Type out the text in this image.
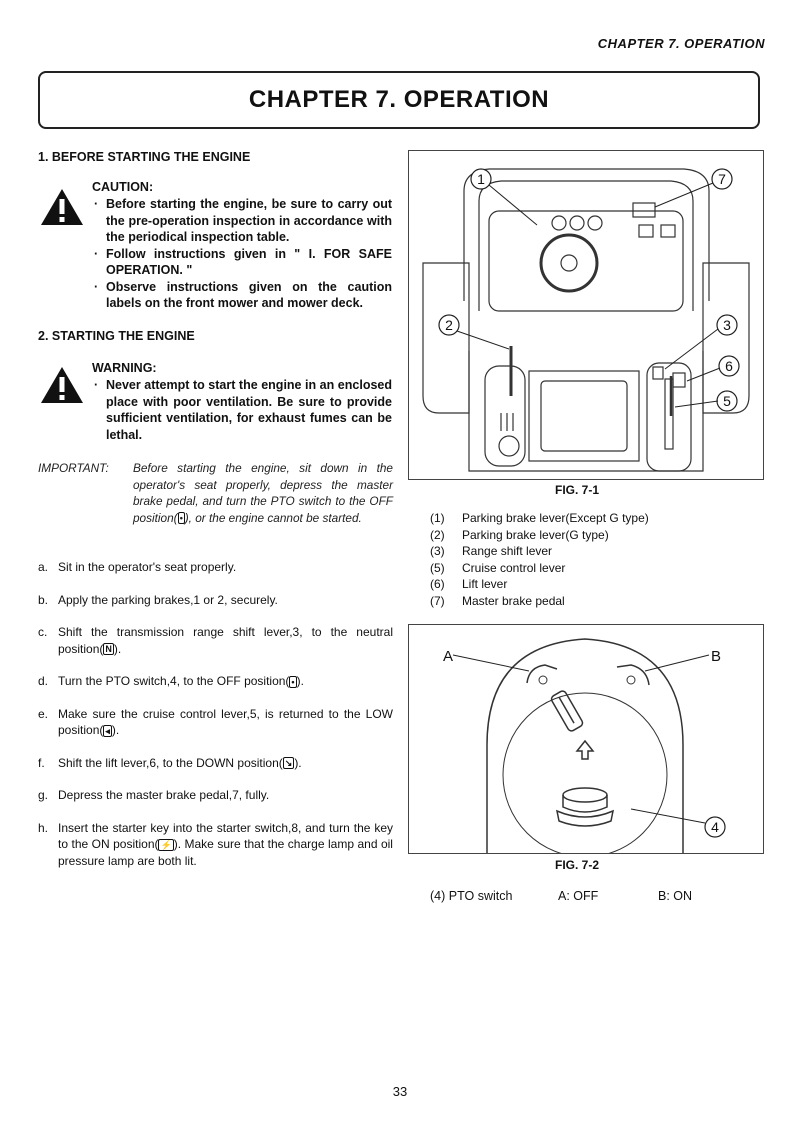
CHAPTER 7. OPERATION
CHAPTER 7. OPERATION
1. BEFORE STARTING THE ENGINE
CAUTION:
· Before starting the engine, be sure to carry out the pre-operation inspection in accordance with the periodical inspection table.
· Follow instructions given in " I. FOR SAFE OPERATION. "
· Observe instructions given on the caution labels on the front mower and mower deck.
2. STARTING THE ENGINE
WARNING:
· Never attempt to start the engine in an enclosed place with poor ventilation. Be sure to provide sufficient ventilation, for exhaust fumes can be lethal.
IMPORTANT:	Before starting the engine, sit down in the operator's seat properly, depress the master brake pedal, and turn the PTO switch to the OFF position( • ), or the engine cannot be started.
a. Sit in the operator's seat properly.
b. Apply the parking brakes,1 or 2, securely.
c. Shift the transmission range shift lever,3, to the neutral position( N ).
d. Turn the PTO switch,4, to the OFF position( • ).
e. Make sure the cruise control lever,5, is returned to the LOW position( ◂ ).
f.	Shift the lift lever,6, to the DOWN position( ↘ ).
g. Depress the master brake pedal,7, fully.
h. Insert the starter key into the starter switch,8, and turn the key to the ON position( ⚡ ). Make sure that the charge lamp and oil pressure lamp are both lit.
1	7
2	3
6
5
FIG. 7-1
(1)	Parking brake lever(Except G type)
(2)	Parking brake lever(G type)
(3)	Range shift lever
(5)	Cruise control lever
(6)	Lift lever
(7)	Master brake pedal
A	B
4
FIG. 7-2
(4) PTO switch	A: OFF	B: ON
33
